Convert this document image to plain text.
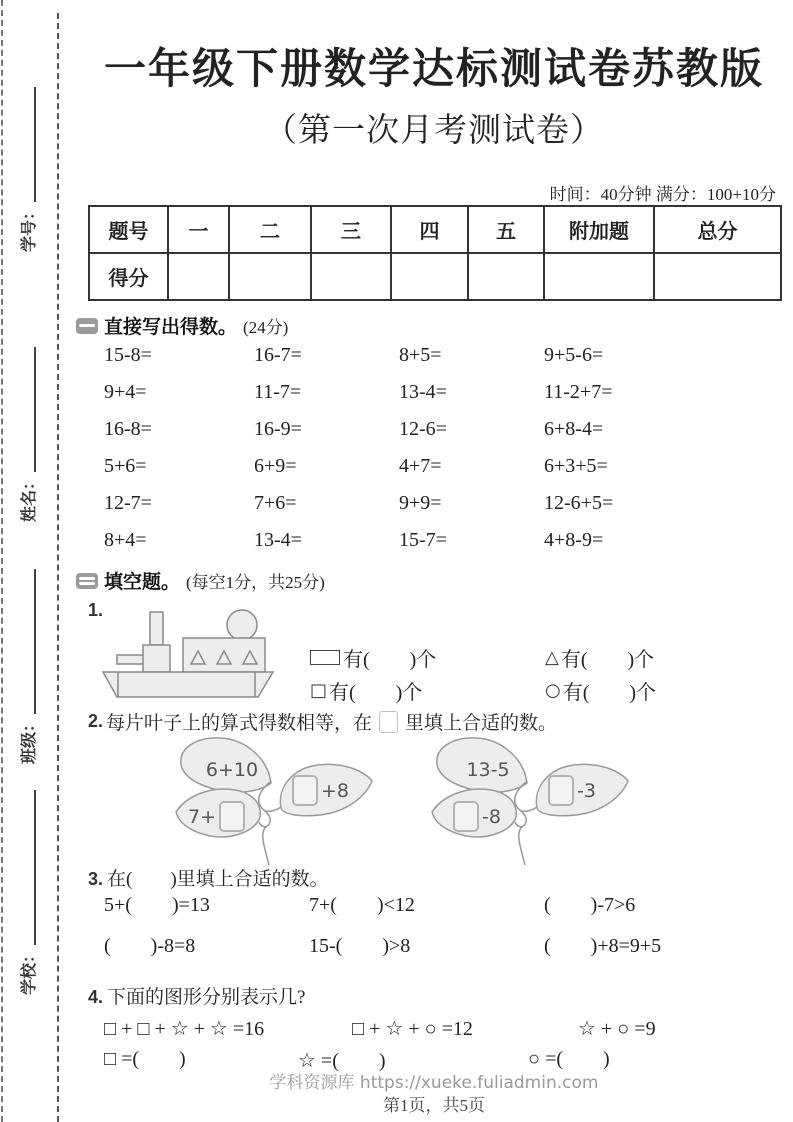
学号：
姓名：
班级：
学校：
一年级下册数学达标测试卷苏教版
（第一次月考测试卷）
时间：40分钟 满分：100+10分
题号	一	二	三	四	五	附加题	总分
得分							
直接写出得数。 (24分)
15-8=	16-7=	8+5=	9+5-6=
9+4=	11-7=	13-4=	11-2+7=
16-8=	16-9=	12-6=	6+8-4=
5+6=	6+9=	4+7=	6+3+5=
12-7=	7+6=	9+9=	12-6+5=
8+4=	13-4=	15-7=	4+8-9=
填空题。 (每空1分，共25分)
1.
有(        )个	△ 有(        )个
□ 有(        )个	○ 有(        )个
2. 每片叶子上的算式得数相等，在 里填上合适的数。
6+10
+8
7+
13-5
-3
-8
3. 在(        )里填上合适的数。
5+(        )=13	7+(        )<12	(        )-7>6
(        )-8=8	15-(        )>8	(        )+8=9+5
4. 下面的图形分别表示几?
□ + □ + ☆ + ☆ =16	□ + ☆ + ○ =12	☆ + ○ =9
□ =(        )	☆ =(        )	○ =(        )
学科资源库 https://xueke.fuliadmin.com
第1页，共5页
